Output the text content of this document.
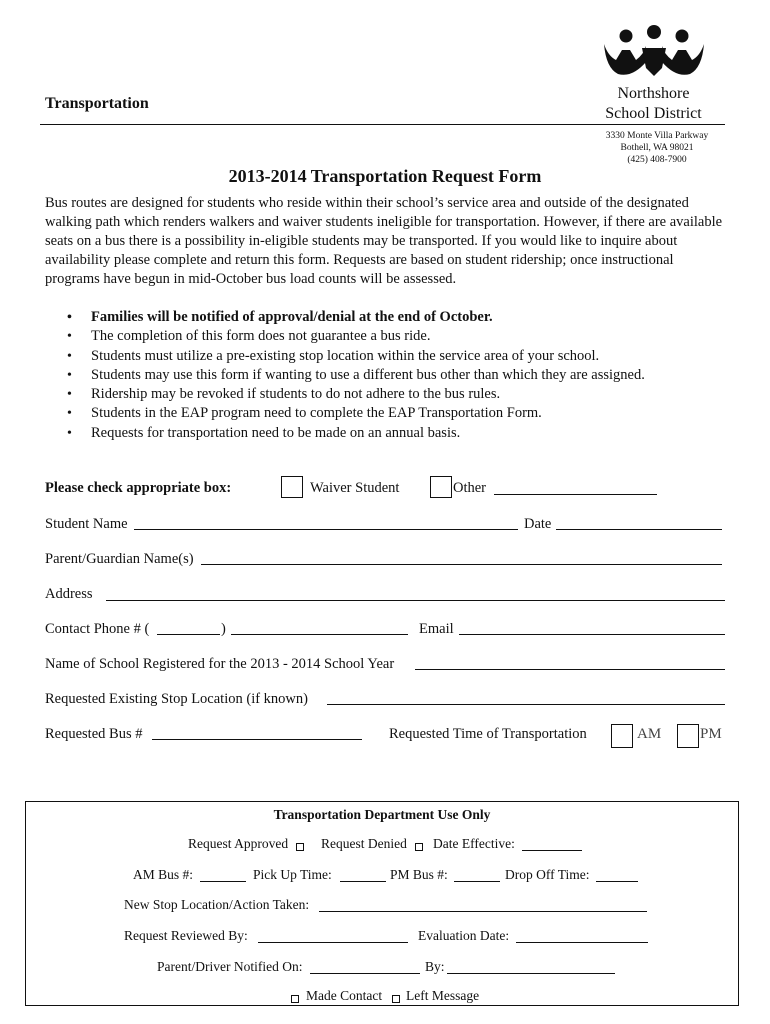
Transportation
Northshore
School District
3330 Monte Villa Parkway
Bothell, WA 98021
(425) 408-7900
2013-2014 Transportation Request Form
Bus routes are designed for students who reside within their school’s service area and outside of the designated walking path which renders walkers and waiver students ineligible for transportation. However, if there are available seats on a bus there is a possibility in-eligible students may be transported. If you would like to inquire about availability please complete and return this form. Requests are based on student ridership; once instructional programs have begun in mid-October bus load counts will be assessed.
• Families will be notified of approval/denial at the end of October.
• The completion of this form does not guarantee a bus ride.
• Students must utilize a pre-existing stop location within the service area of your school.
• Students may use this form if wanting to use a different bus other than which they are assigned.
• Ridership may be revoked if students to do not adhere to the bus rules.
• Students in the EAP program need to complete the EAP Transportation Form.
• Requests for transportation need to be made on an annual basis.
Please check appropriate box:	Waiver Student	Other
Student Name	Date
Parent/Guardian Name(s)
Address
Contact Phone # (	)	Email
Name of School Registered for the 2013 - 2014 School Year
Requested Existing Stop Location (if known)
Requested Bus #	Requested Time of Transportation	AM	PM
Transportation Department Use Only
Request Approved Request Denied Date Effective:
AM Bus #:	Pick Up Time:	PM Bus #:	Drop Off Time:
New Stop Location/Action Taken:
Request Reviewed By:	Evaluation Date:
Parent/Driver Notified On:	By:
Made Contact Left Message
